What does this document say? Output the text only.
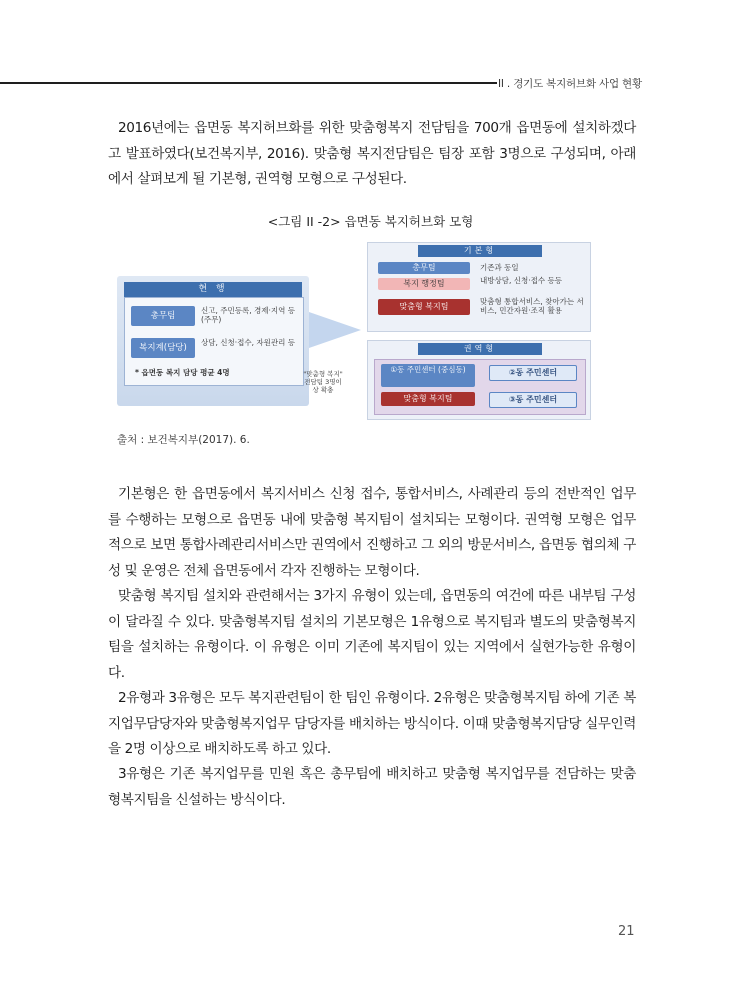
II . 경기도 복지허브화 사업 현황

2016년에는 읍면동 복지허브화를 위한 맞춤형복지 전담팀을 700개 읍면동에 설치하겠다고 발표하였다(보건복지부, 2016). 맞춤형 복지전담팀은 팀장 포함 3명으로 구성되며, 아래에서 살펴보게 될 기본형, 권역형 모형으로 구성된다.

<그림 II -2> 읍면동 복지허브화 모형
현 행
총무팀
신고, 주민등록, 경제·지역 등(주무)
복지계(담당)
상담, 신청·접수, 자원관리 등
* 읍면동 복지 담당 평균 4명	"맞춤형 복지" 전담팀 3명이상 확충
기본형
총무팀	기존과 동일
복지 행정팀	내방상담, 신청·접수 등등
맞춤형 복지팀
맞춤형 통합서비스, 찾아가는 서비스, 민간자원·조직 활용
권역형
①동 주민센터 (중심동)
맞춤형 복지팀
②동 주민센터
③동 주민센터
출처 : 보건복지부(2017). 6.

기본형은 한 읍면동에서 복지서비스 신청 접수, 통합서비스, 사례관리 등의 전반적인 업무를 수행하는 모형으로 읍면동 내에 맞춤형 복지팀이 설치되는 모형이다. 권역형 모형은 업무적으로 보면 통합사례관리서비스만 권역에서 진행하고 그 외의 방문서비스, 읍면동 협의체 구성 및 운영은 전체 읍면동에서 각자 진행하는 모형이다.

맞춤형 복지팀 설치와 관련해서는 3가지 유형이 있는데, 읍면동의 여건에 따른 내부팀 구성이 달라질 수 있다. 맞춤형복지팀 설치의 기본모형은 1유형으로 복지팀과 별도의 맞춤형복지팀을 설치하는 유형이다. 이 유형은 이미 기존에 복지팀이 있는 지역에서 실현가능한 유형이다.

2유형과 3유형은 모두 복지관련팀이 한 팀인 유형이다. 2유형은 맞춤형복지팀 하에 기존 복지업무담당자와 맞춤형복지업무 담당자를 배치하는 방식이다. 이때 맞춤형복지담당 실무인력을 2명 이상으로 배치하도록 하고 있다.

3유형은 기존 복지업무를 민원 혹은 총무팀에 배치하고 맞춤형 복지업무를 전담하는 맞춤형복지팀을 신설하는 방식이다.

21
